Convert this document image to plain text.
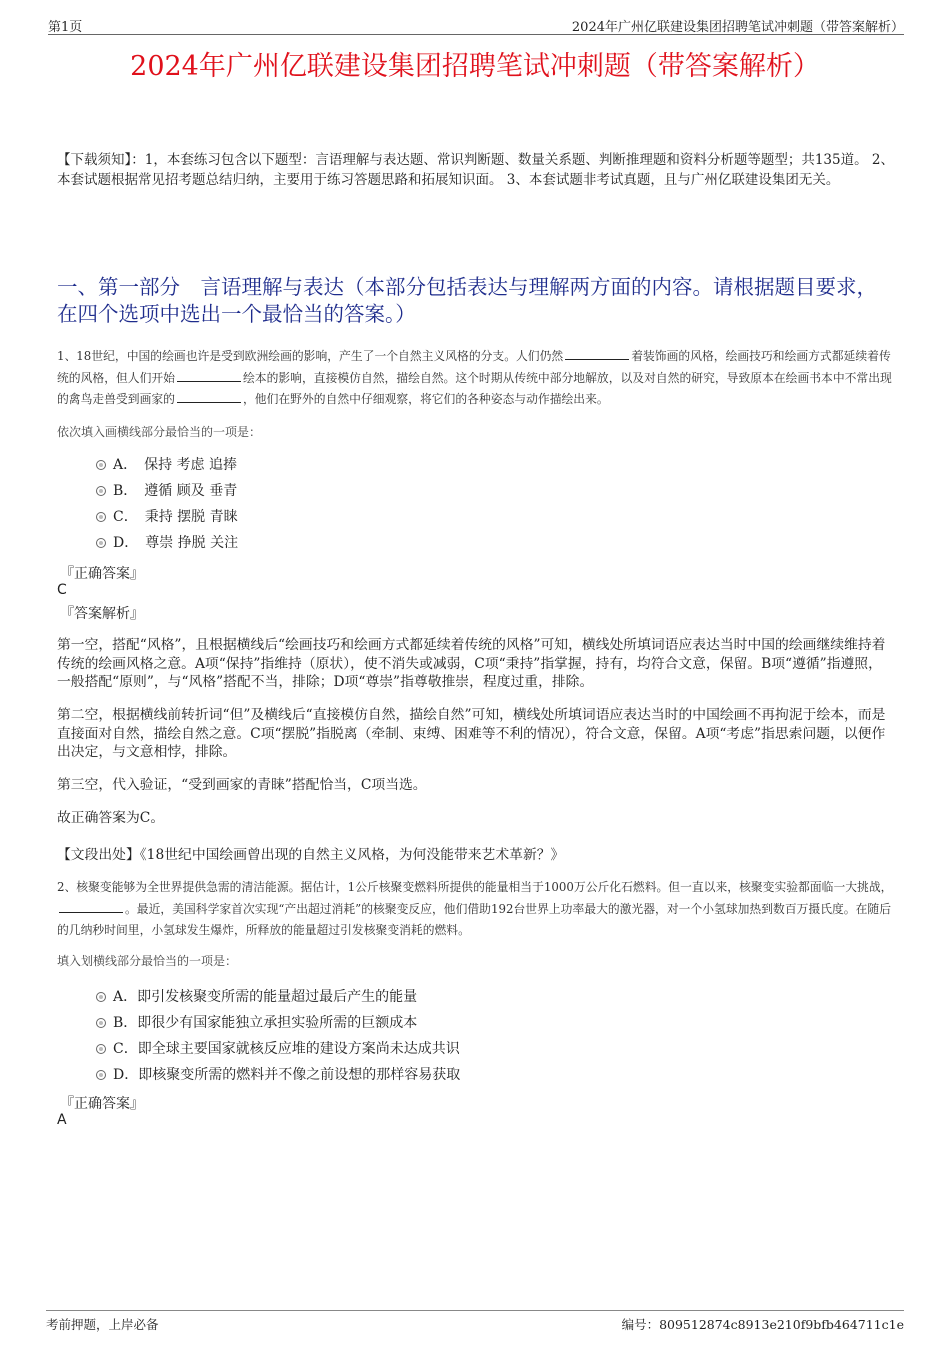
第1页	2024年广州亿联建设集团招聘笔试冲刺题（带答案解析）
2024年广州亿联建设集团招聘笔试冲刺题（带答案解析）
【下载须知】：1，本套练习包含以下题型：言语理解与表达题、常识判断题、数量关系题、判断推理题和资料分析题等题型；共135道。 2、本套试题根据常见招考题总结归纳，主要用于练习答题思路和拓展知识面。 3、本套试题非考试真题，且与广州亿联建设集团无关。
一、第一部分　言语理解与表达（本部分包括表达与理解两方面的内容。请根据题目要求，在四个选项中选出一个最恰当的答案。）
1、18世纪，中国的绘画也许是受到欧洲绘画的影响，产生了一个自然主义风格的分支。人们仍然	着装饰画的风格，绘画技巧和绘画方式都延续着传统的风格，但人们开始	绘本的影响，直接模仿自然，描绘自然。这个时期从传统中部分地解放，以及对自然的研究，导致原本在绘画书本中不常出现的禽鸟走兽受到画家的	，他们在野外的自然中仔细观察，将它们的各种姿态与动作描绘出来。
依次填入画横线部分最恰当的一项是：
A．　保持 考虑 追捧
B．　遵循 顾及 垂青
C．　秉持 摆脱 青睐
D．　尊崇 挣脱 关注
『正确答案』
C
『答案解析』
第一空，搭配“风格”，且根据横线后“绘画技巧和绘画方式都延续着传统的风格”可知，横线处所填词语应表达当时中国的绘画继续维持着传统的绘画风格之意。A项“保持”指维持（原状），使不消失或减弱，C项“秉持”指掌握，持有，均符合文意，保留。B项“遵循”指遵照，一般搭配“原则”，与“风格”搭配不当，排除；D项“尊崇”指尊敬推崇，程度过重，排除。
第二空，根据横线前转折词“但”及横线后“直接模仿自然，描绘自然”可知，横线处所填词语应表达当时的中国绘画不再拘泥于绘本，而是直接面对自然，描绘自然之意。C项“摆脱”指脱离（牵制、束缚、困难等不利的情况），符合文意，保留。A项“考虑”指思索问题，以便作出决定，与文意相悖，排除。
第三空，代入验证，“受到画家的青睐”搭配恰当，C项当选。
故正确答案为C。
【文段出处】《18世纪中国绘画曾出现的自然主义风格，为何没能带来艺术革新？》
2、核聚变能够为全世界提供急需的清洁能源。据估计，1公斤核聚变燃料所提供的能量相当于1000万公斤化石燃料。但一直以来，核聚变实验都面临一大挑战，。最近，美国科学家首次实现“产出超过消耗”的核聚变反应，他们借助192台世界上功率最大的激光器，对一个小氢球加热到数百万摄氏度。在随后的几纳秒时间里，小氢球发生爆炸，所释放的能量超过引发核聚变消耗的燃料。
填入划横线部分最恰当的一项是：
A．即引发核聚变所需的能量超过最后产生的能量
B．即很少有国家能独立承担实验所需的巨额成本
C．即全球主要国家就核反应堆的建设方案尚未达成共识
D．即核聚变所需的燃料并不像之前设想的那样容易获取
『正确答案』
A
考前押题，上岸必备	编号：809512874c8913e210f9bfb464711c1e
